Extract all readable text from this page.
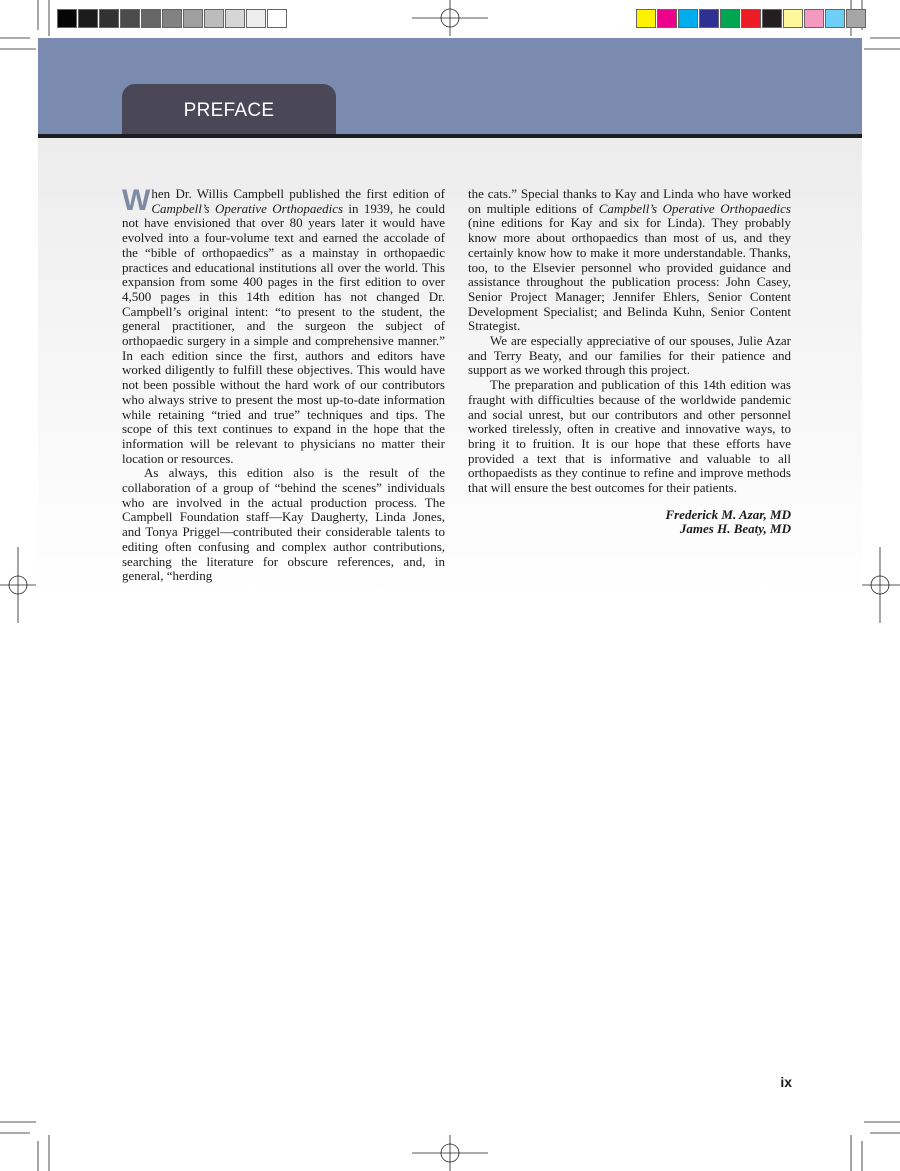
PREFACE

When Dr. Willis Campbell published the first edition of Campbell’s Operative Orthopaedics in 1939, he could not have envisioned that over 80 years later it would have evolved into a four-volume text and earned the accolade of the “bible of orthopaedics” as a mainstay in orthopaedic practices and educational institutions all over the world. This expansion from some 400 pages in the first edition to over 4,500 pages in this 14th edition has not changed Dr. Campbell’s original intent: “to present to the student, the general practitioner, and the surgeon the subject of orthopaedic surgery in a simple and comprehensive manner.” In each edition since the first, authors and editors have worked diligently to fulfill these objectives. This would have not been possible without the hard work of our contributors who always strive to present the most up-to-date information while retaining “tried and true” techniques and tips. The scope of this text continues to expand in the hope that the information will be relevant to physicians no matter their location or resources.

As always, this edition also is the result of the collaboration of a group of “behind the scenes” individuals who are involved in the actual production process. The Campbell Foundation staff—Kay Daugherty, Linda Jones, and Tonya Priggel—contributed their considerable talents to editing often confusing and complex author contributions, searching the literature for obscure references, and, in general, “herding

the cats.” Special thanks to Kay and Linda who have worked on multiple editions of Campbell’s Operative Orthopaedics (nine editions for Kay and six for Linda). They probably know more about orthopaedics than most of us, and they certainly know how to make it more understandable. Thanks, too, to the Elsevier personnel who provided guidance and assistance throughout the publication process: John Casey, Senior Project Manager; Jennifer Ehlers, Senior Content Development Specialist; and Belinda Kuhn, Senior Content Strategist.

We are especially appreciative of our spouses, Julie Azar and Terry Beaty, and our families for their patience and support as we worked through this project.

The preparation and publication of this 14th edition was fraught with difficulties because of the worldwide pandemic and social unrest, but our contributors and other personnel worked tirelessly, often in creative and innovative ways, to bring it to fruition. It is our hope that these efforts have provided a text that is informative and valuable to all orthopaedists as they continue to refine and improve methods that will ensure the best outcomes for their patients.

Frederick M. Azar, MD
James H. Beaty, MD
ix
